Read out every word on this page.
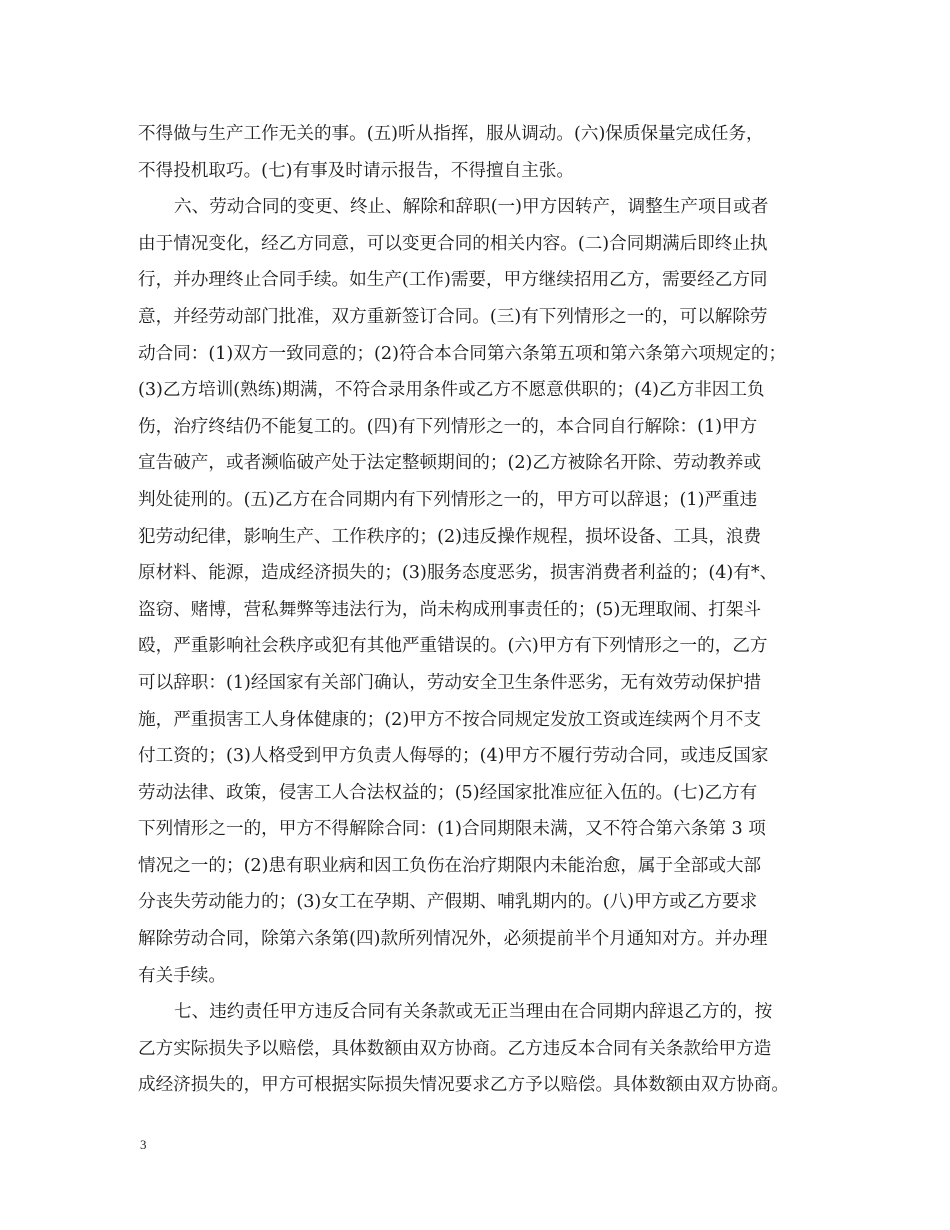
不得做与生产工作无关的事。(五)听从指挥，服从调动。(六)保质保量完成任务，
不得投机取巧。(七)有事及时请示报告，不得擅自主张。
六、劳动合同的变更、终止、解除和辞职(一)甲方因转产，调整生产项目或者
由于情况变化，经乙方同意，可以变更合同的相关内容。(二)合同期满后即终止执
行，并办理终止合同手续。如生产(工作)需要，甲方继续招用乙方，需要经乙方同
意，并经劳动部门批准，双方重新签订合同。(三)有下列情形之一的，可以解除劳
动合同：(1)双方一致同意的；(2)符合本合同第六条第五项和第六条第六项规定的；
(3)乙方培训(熟练)期满，不符合录用条件或乙方不愿意供职的；(4)乙方非因工负
伤，治疗终结仍不能复工的。(四)有下列情形之一的，本合同自行解除：(1)甲方
宣告破产，或者濒临破产处于法定整顿期间的；(2)乙方被除名开除、劳动教养或
判处徒刑的。(五)乙方在合同期内有下列情形之一的，甲方可以辞退；(1)严重违
犯劳动纪律，影响生产、工作秩序的；(2)违反操作规程，损坏设备、工具，浪费
原材料、能源，造成经济损失的；(3)服务态度恶劣，损害消费者利益的；(4)有*、
盗窃、赌博，营私舞弊等违法行为，尚未构成刑事责任的；(5)无理取闹、打架斗
殴，严重影响社会秩序或犯有其他严重错误的。(六)甲方有下列情形之一的，乙方
可以辞职：(1)经国家有关部门确认，劳动安全卫生条件恶劣，无有效劳动保护措
施，严重损害工人身体健康的；(2)甲方不按合同规定发放工资或连续两个月不支
付工资的；(3)人格受到甲方负责人侮辱的；(4)甲方不履行劳动合同，或违反国家
劳动法律、政策，侵害工人合法权益的；(5)经国家批准应征入伍的。(七)乙方有
下列情形之一的，甲方不得解除合同：(1)合同期限未满，又不符合第六条第 3 项
情况之一的；(2)患有职业病和因工负伤在治疗期限内未能治愈，属于全部或大部
分丧失劳动能力的；(3)女工在孕期、产假期、哺乳期内的。(八)甲方或乙方要求
解除劳动合同，除第六条第(四)款所列情况外，必须提前半个月通知对方。并办理
有关手续。
七、违约责任甲方违反合同有关条款或无正当理由在合同期内辞退乙方的，按
乙方实际损失予以赔偿，具体数额由双方协商。乙方违反本合同有关条款给甲方造
成经济损失的，甲方可根据实际损失情况要求乙方予以赔偿。具体数额由双方协商。
3
